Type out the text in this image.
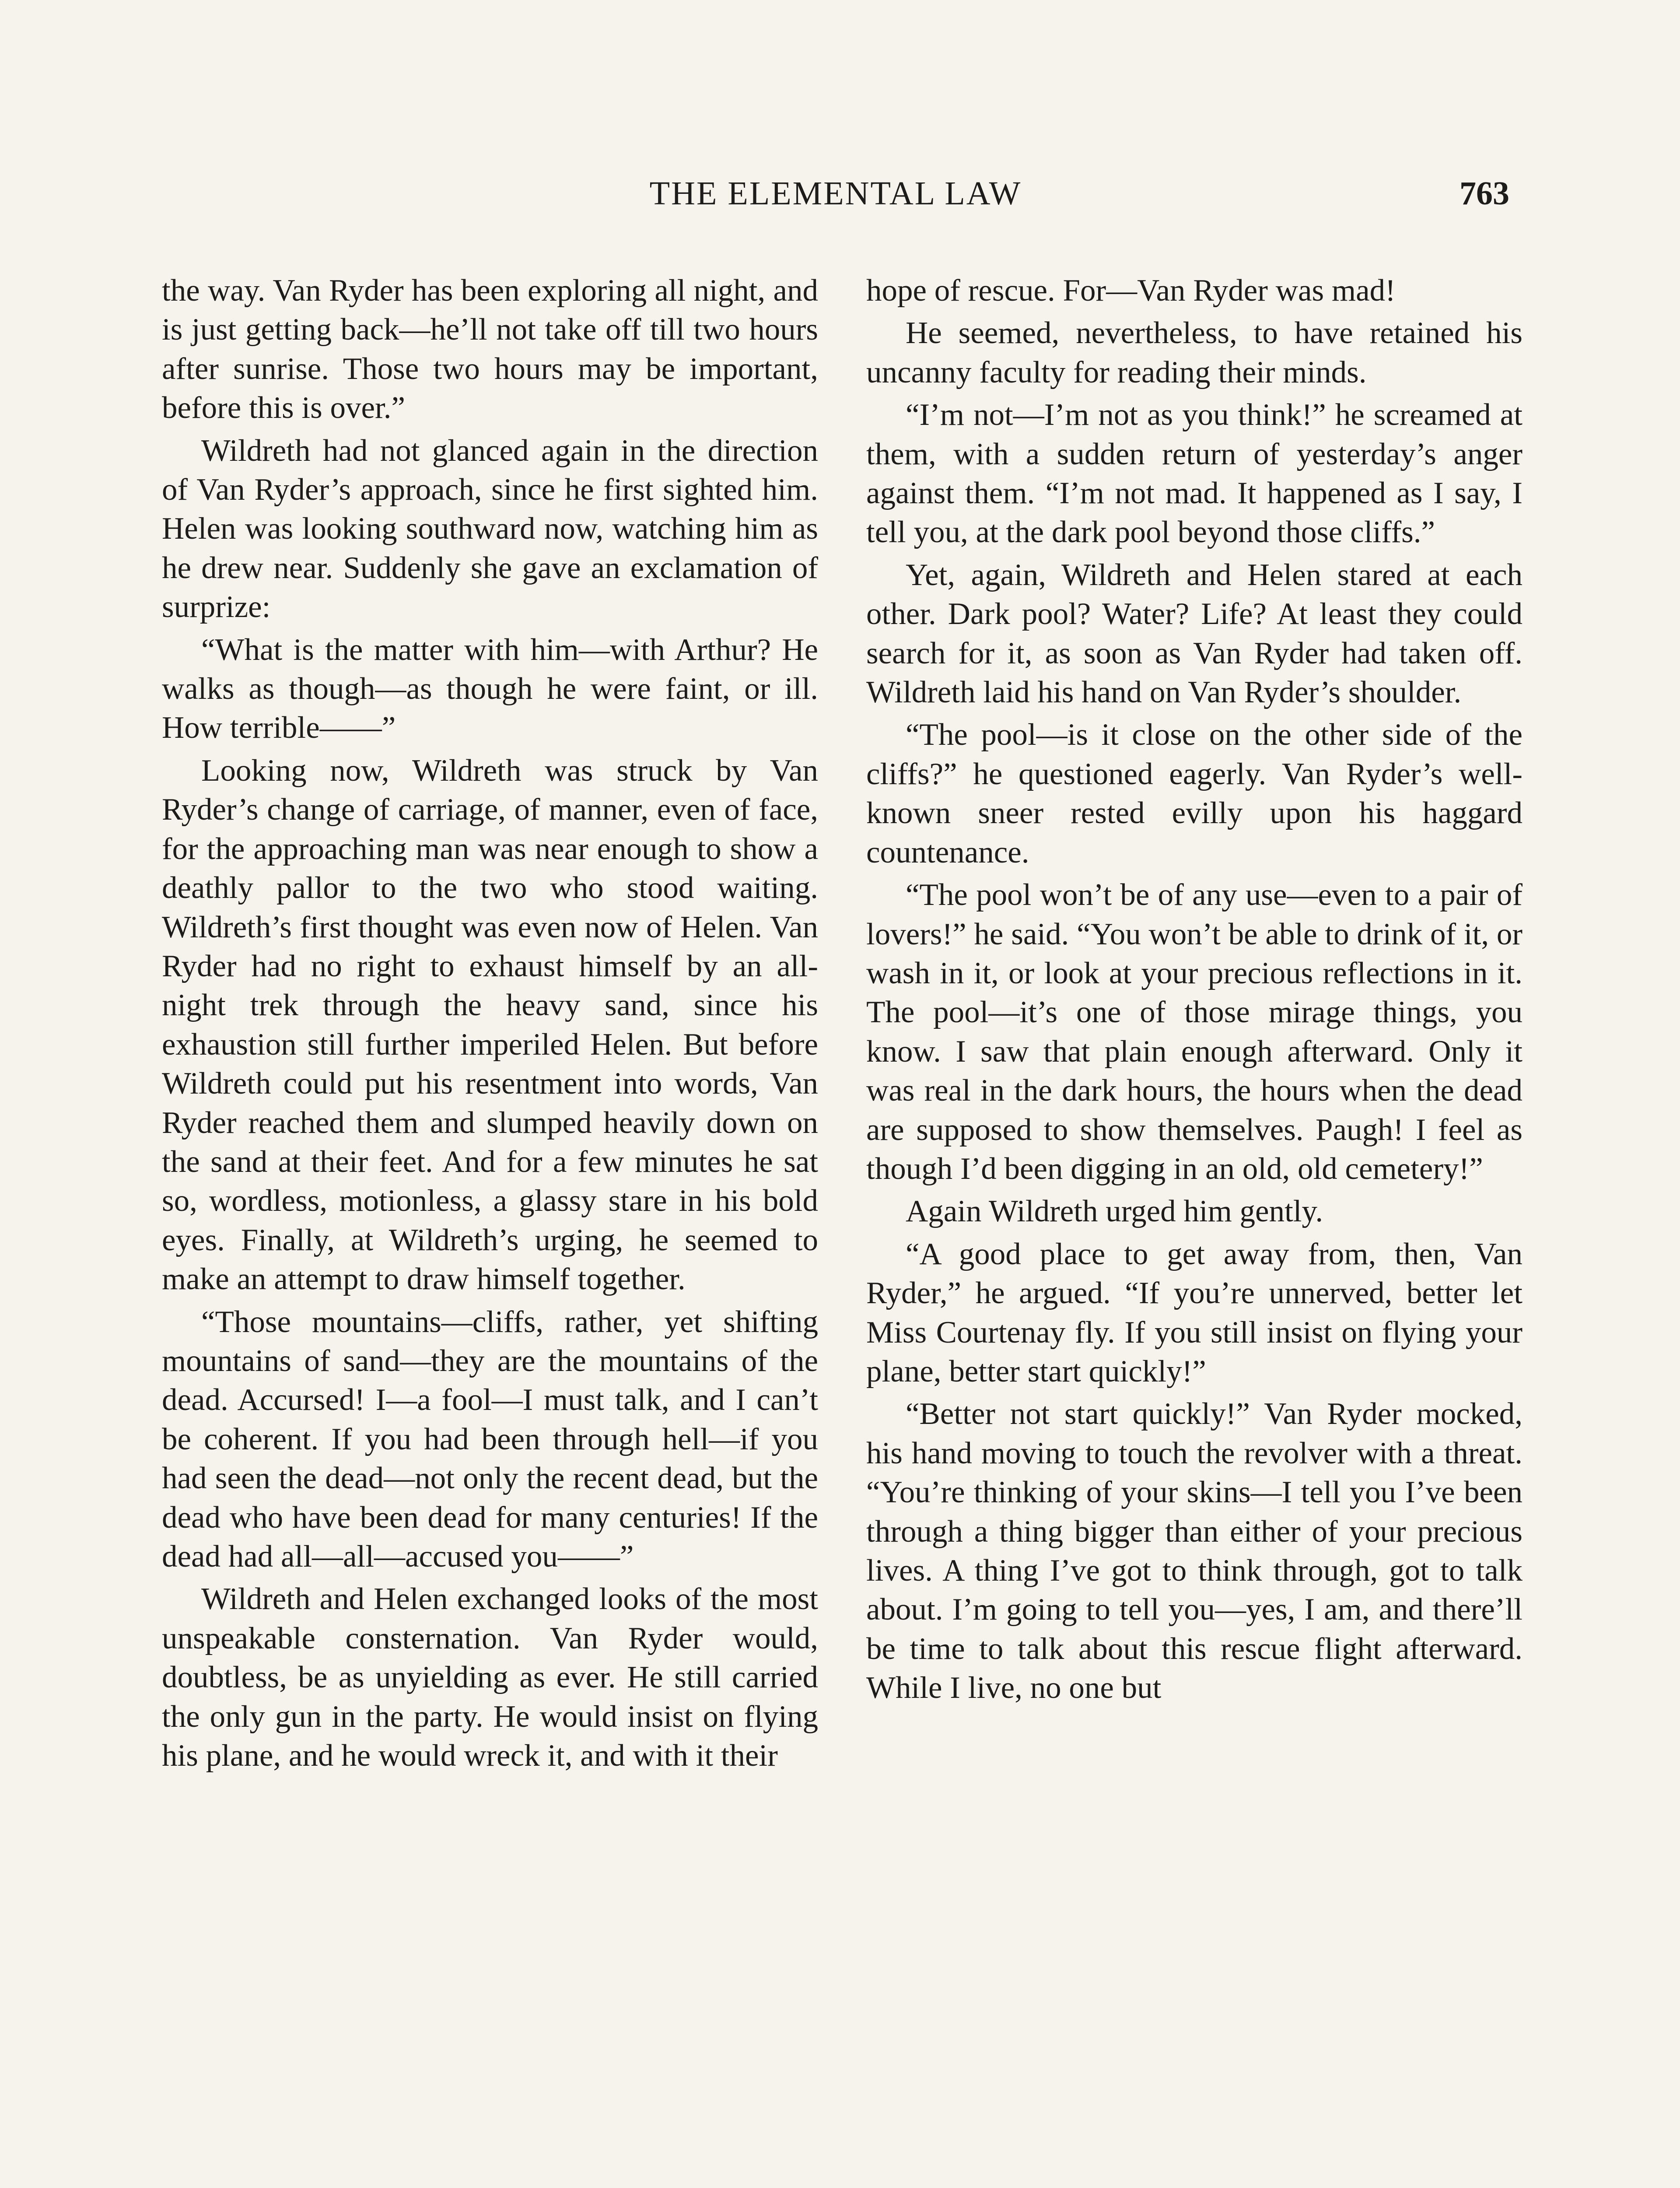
THE ELEMENTAL LAW	763

the way. Van Ryder has been exploring all night, and is just getting back—he’ll not take off till two hours after sunrise. Those two hours may be important, before this is over.”

Wildreth had not glanced again in the direction of Van Ryder’s approach, since he first sighted him. Helen was looking southward now, watching him as he drew near. Suddenly she gave an exclamation of surprize:

“What is the matter with him—with Arthur? He walks as though—as though he were faint, or ill. How terrible——”

Looking now, Wildreth was struck by Van Ryder’s change of carriage, of manner, even of face, for the approaching man was near enough to show a deathly pallor to the two who stood waiting. Wildreth’s first thought was even now of Helen. Van Ryder had no right to exhaust himself by an all-night trek through the heavy sand, since his exhaustion still further imperiled Helen. But before Wildreth could put his resentment into words, Van Ryder reached them and slumped heavily down on the sand at their feet. And for a few minutes he sat so, wordless, motionless, a glassy stare in his bold eyes. Finally, at Wildreth’s urging, he seemed to make an attempt to draw himself together.

“Those mountains—cliffs, rather, yet shifting mountains of sand—they are the mountains of the dead. Accursed! I—a fool—I must talk, and I can’t be coherent. If you had been through hell—if you had seen the dead—not only the recent dead, but the dead who have been dead for many centuries! If the dead had all—all—accused you——”

Wildreth and Helen exchanged looks of the most unspeakable consternation. Van Ryder would, doubtless, be as unyielding as ever. He still carried the only gun in the party. He would insist on flying his plane, and he would wreck it, and with it their

hope of rescue. For—Van Ryder was mad!

He seemed, nevertheless, to have retained his uncanny faculty for reading their minds.

“I’m not—I’m not as you think!” he screamed at them, with a sudden return of yesterday’s anger against them. “I’m not mad. It happened as I say, I tell you, at the dark pool beyond those cliffs.”

Yet, again, Wildreth and Helen stared at each other. Dark pool? Water? Life? At least they could search for it, as soon as Van Ryder had taken off. Wildreth laid his hand on Van Ryder’s shoulder.

“The pool—is it close on the other side of the cliffs?” he questioned eagerly. Van Ryder’s well-known sneer rested evilly upon his haggard countenance.

“The pool won’t be of any use—even to a pair of lovers!” he said. “You won’t be able to drink of it, or wash in it, or look at your precious reflections in it. The pool—it’s one of those mirage things, you know. I saw that plain enough afterward. Only it was real in the dark hours, the hours when the dead are supposed to show themselves. Paugh! I feel as though I’d been digging in an old, old cemetery!”

Again Wildreth urged him gently.

“A good place to get away from, then, Van Ryder,” he argued. “If you’re unnerved, better let Miss Courtenay fly. If you still insist on flying your plane, better start quickly!”

“Better not start quickly!” Van Ryder mocked, his hand moving to touch the revolver with a threat. “You’re thinking of your skins—I tell you I’ve been through a thing bigger than either of your precious lives. A thing I’ve got to think through, got to talk about. I’m going to tell you—yes, I am, and there’ll be time to talk about this rescue flight afterward. While I live, no one but
